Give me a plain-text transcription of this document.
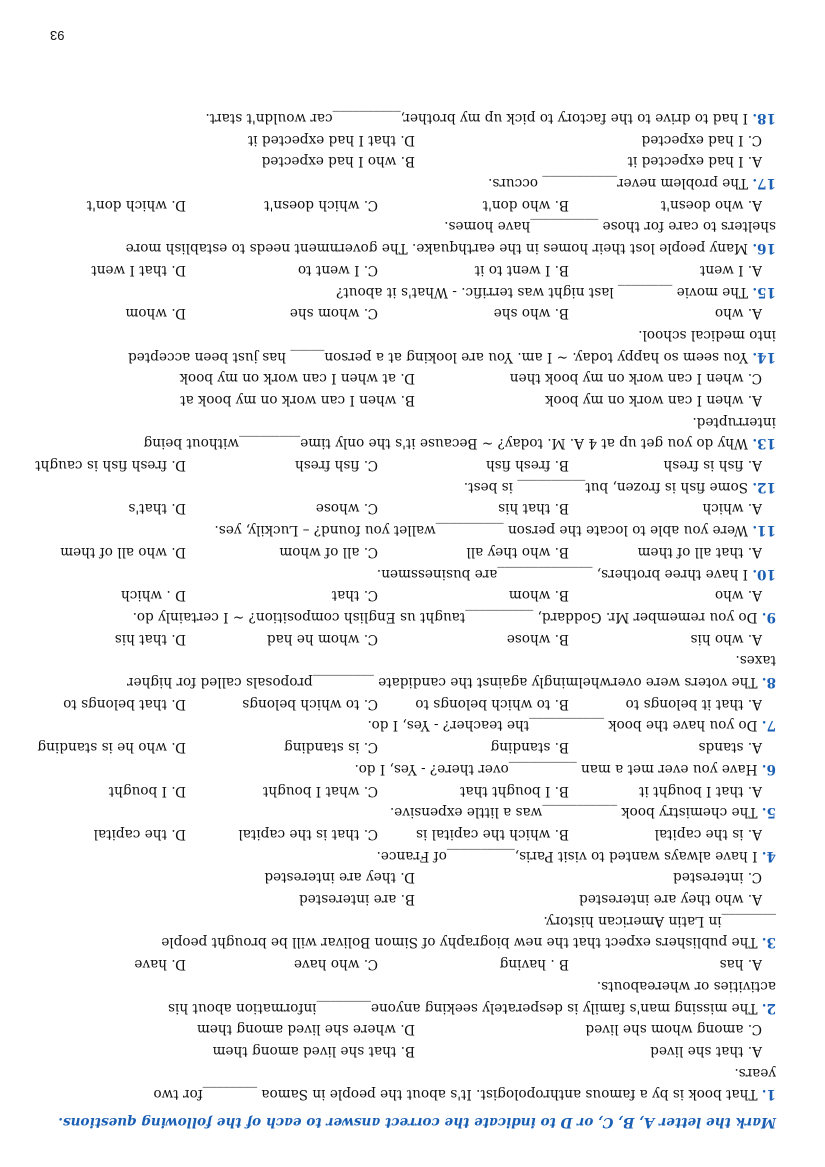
Mark the letter A, B, C, or D to indicate the correct answer to each of the following questions.

1. That book is by a famous anthropologist. It's about the people in Samoa ________for two

years.

A. that she lived
B. that she lived among them
C. among whom she lived
D. where she lived among them

2. The missing man's family is desperately seeking anyone________information about his

activities or whereabouts.

A. has
B . having
C. who have
D. have

3. The publishers expect that the new biography of Simon Bolivar will be brought people

________in Latin American history.

A. who they are interested
B. are interested
C. interested
D. they are interested

4. I have always wanted to visit Paris,__________of France.

A. is the capital
B. which the capital is
C. that is the capital
D. the capital

5. The chemistry book ___________was a little expensive.

A. that I bought it
B. I bought that
C. what I bought
D. I bought

6. Have you ever met a man __________over there? - Yes, I do.

A. stands
B. standing
C. is standing
D. who he is standing

7. Do you have the book ___________the teacher? - Yes, I do.

A. that it belongs to
B. to which belongs to
C. to which belongs
D. that belongs to

8. The voters were overwhelmingly against the candidate _________proposals called for higher

taxes.

A. who his
B. whose
C. whom he had
D. that his

9. Do you remember Mr. Goddard, __________taught us English composition? ~ I certainly do.

A. who
B. whom
C. that
D . which

10. I have three brothers, ______________are businessmen.

A. that all of them
B. who they all
C. all of whom
D. who all of them

11. Were you able to locate the person __________wallet you found? – Luckily, yes.

A. which
B. that his
C. whose
D. that's

12. Some fish is frozen, but__________ is best.

A. fish is fresh
B. fresh fish
C. fish fresh
D. fresh fish is caught

13. Why do you get up at 4 A. M. today? ~ Because it's the only time_________without being

interrupted.

A. when I can work on my book
B. when I can work on my book at
C. when I can work on my book then
D. at when I can work on my book

14. You seem so happy today. ~ I am. You are looking at a person_____ has just been accepted

into medical school.

A. who
B. who she
C. whom she
D. whom

15. The movie ________ last night was terrific. - What's it about?

A. I went
B. I went to it
C. I went to
D. that I went

16. Many people lost their homes in the earthquake. The government needs to establish more

shelters to care for those __________have homes.

A. who doesn't
B. who don't
C. which doesn't
D. which don't

17. The problem never___________ occurs.

A. I had expected it
B. who I had expected
C. I had expected
D. that I had expected it

18. I had to drive to the factory to pick up my brother,__________car wouldn't start.

93
